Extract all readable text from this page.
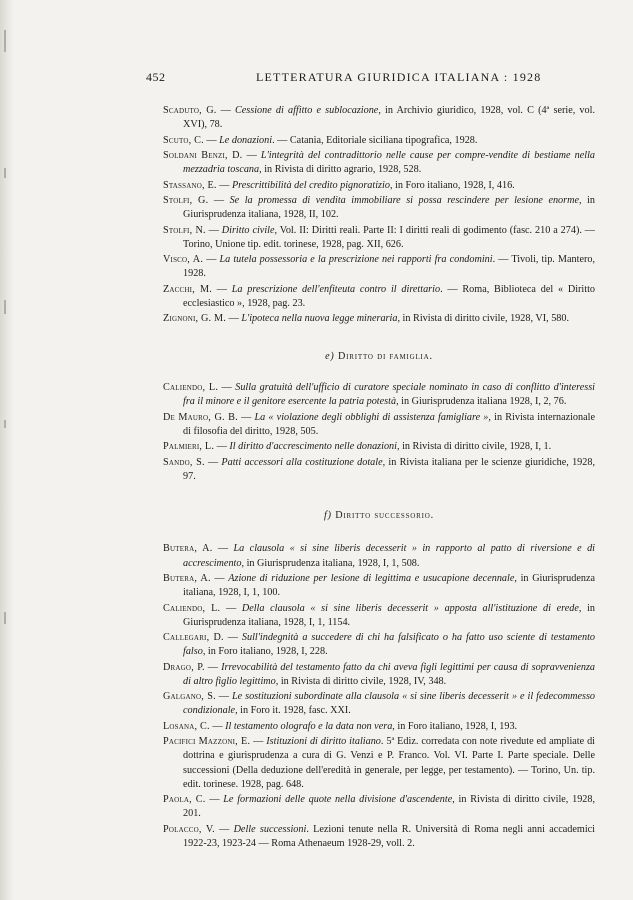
452	LETTERATURA GIURIDICA ITALIANA : 1928

Scaduto, G. — Cessione di affitto e sublocazione, in Archivio giuridico, 1928, vol. C (4ª serie, vol. XVI), 78.

Scuto, C. — Le donazioni. — Catania, Editoriale siciliana tipografica, 1928.

Soldani Benzi, D. — L'integrità del contradittorio nelle cause per compre-vendite di bestiame nella mezzadria toscana, in Rivista di diritto agrario, 1928, 528.

Stassano, E. — Prescrittibilità del credito pignoratizio, in Foro italiano, 1928, I, 416.

Stolfi, G. — Se la promessa di vendita immobiliare si possa rescindere per lesione enorme, in Giurisprudenza italiana, 1928, II, 102.

Stolfi, N. — Diritto civile, Vol. II: Diritti reali. Parte II: I diritti reali di godimento (fasc. 210 a 274). — Torino, Unione tip. edit. torinese, 1928, pag. XII, 626.

Visco, A. — La tutela possessoria e la prescrizione nei rapporti fra condomini. — Tivoli, tip. Mantero, 1928.

Zacchi, M. — La prescrizione dell'enfiteuta contro il direttario. — Roma, Biblioteca del « Diritto ecclesiastico », 1928, pag. 23.

Zignoni, G. M. — L'ipoteca nella nuova legge mineraria, in Rivista di diritto civile, 1928, VI, 580.

e) Diritto di famiglia.

Caliendo, L. — Sulla gratuità dell'ufficio di curatore speciale nominato in caso di conflitto d'interessi fra il minore e il genitore esercente la patria potestà, in Giurisprudenza italiana 1928, I, 2, 76.

De Mauro, G. B. — La « violazione degli obblighi di assistenza famigliare », in Rivista internazionale di filosofia del diritto, 1928, 505.

Palmieri, L. — Il diritto d'accrescimento nelle donazioni, in Rivista di diritto civile, 1928, I, 1.

Sando, S. — Patti accessori alla costituzione dotale, in Rivista italiana per le scienze giuridiche, 1928, 97.

f) Diritto successorio.

Butera, A. — La clausola « si sine liberis decesserit » in rapporto al patto di riversione e di accrescimento, in Giurisprudenza italiana, 1928, I, 1, 508.

Butera, A. — Azione di riduzione per lesione di legittima e usucapione decennale, in Giurisprudenza italiana, 1928, I, 1, 100.

Caliendo, L. — Della clausola « si sine liberis decesserit » apposta all'istituzione di erede, in Giurisprudenza italiana, 1928, I, 1, 1154.

Callegari, D. — Sull'indegnità a succedere di chi ha falsificato o ha fatto uso sciente di testamento falso, in Foro italiano, 1928, I, 228.

Drago, P. — Irrevocabilità del testamento fatto da chi aveva figli legittimi per causa di sopravvenienza di altro figlio legittimo, in Rivista di diritto civile, 1928, IV, 348.

Galgano, S. — Le sostituzioni subordinate alla clausola « si sine liberis decesserit » e il fedecommesso condizionale, in Foro it. 1928, fasc. XXI.

Losana, C. — Il testamento olografo e la data non vera, in Foro italiano, 1928, I, 193.

Pacifici Mazzoni, E. — Istituzioni di diritto italiano. 5ª Ediz. corredata con note rivedute ed ampliate di dottrina e giurisprudenza a cura di G. Venzi e P. Franco. Vol. VI. Parte I. Parte speciale. Delle successioni (Della deduzione dell'eredità in generale, per legge, per testamento). — Torino, Un. tip. edit. torinese. 1928, pag. 648.

Paola, C. — Le formazioni delle quote nella divisione d'ascendente, in Rivista di diritto civile, 1928, 201.

Polacco, V. — Delle successioni. Lezioni tenute nella R. Università di Roma negli anni accademici 1922-23, 1923-24 — Roma Athenaeum 1928-29, voll. 2.
